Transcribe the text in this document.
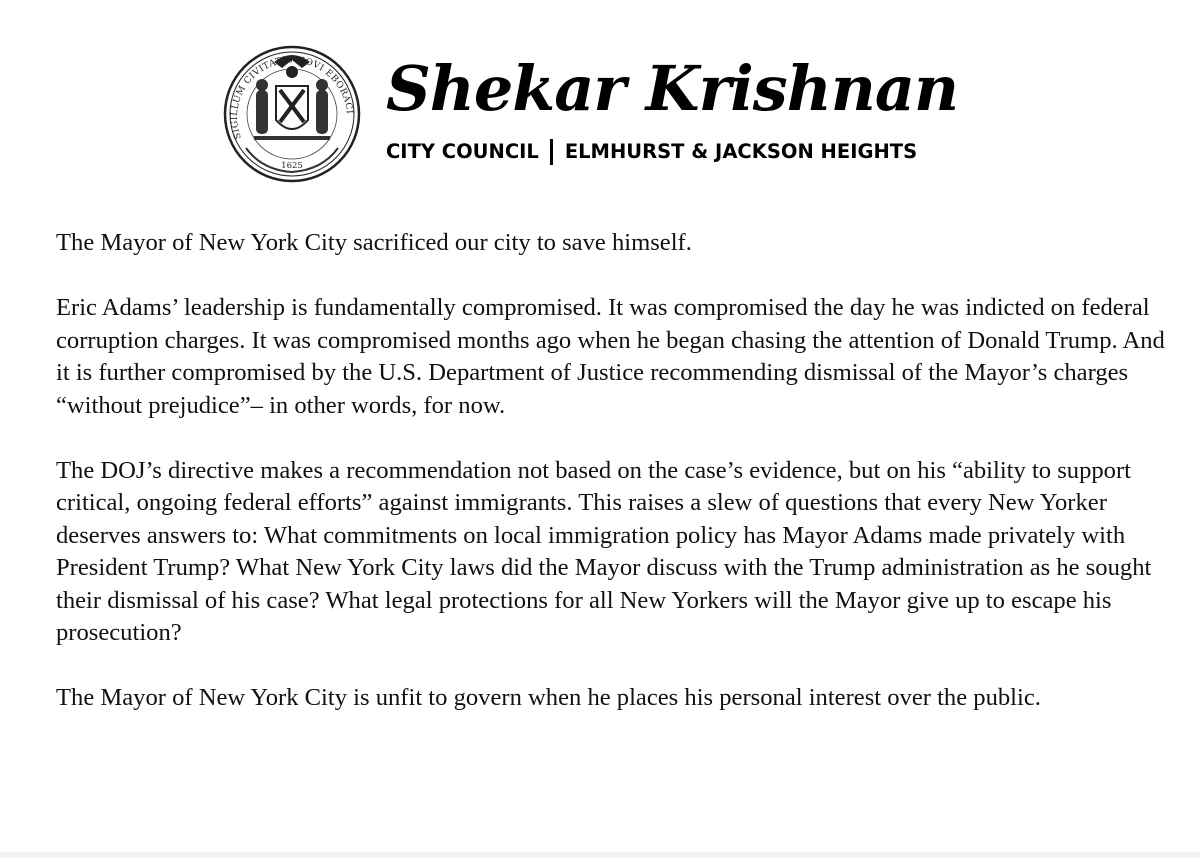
SIGILLUM CIVITATIS NOVI EBORACI
1625
Shekar Krishnan
CITY COUNCIL ELMHURST & JACKSON HEIGHTS

The Mayor of New York City sacrificed our city to save himself.

Eric Adams’ leadership is fundamentally compromised. It was compromised the day he was indicted on federal corruption charges. It was compromised months ago when he began chasing the attention of Donald Trump. And it is further compromised by the U.S. Department of Justice recommending dismissal of the Mayor’s charges “without prejudice”– in other words, for now.

The DOJ’s directive makes a recommendation not based on the case’s evidence, but on his “ability to support critical, ongoing federal efforts” against immigrants. This raises a slew of questions that every New Yorker deserves answers to: What commitments on local immigration policy has Mayor Adams made privately with President Trump? What New York City laws did the Mayor discuss with the Trump administration as he sought their dismissal of his case? What legal protections for all New Yorkers will the Mayor give up to escape his prosecution?

The Mayor of New York City is unfit to govern when he places his personal interest over the public.
